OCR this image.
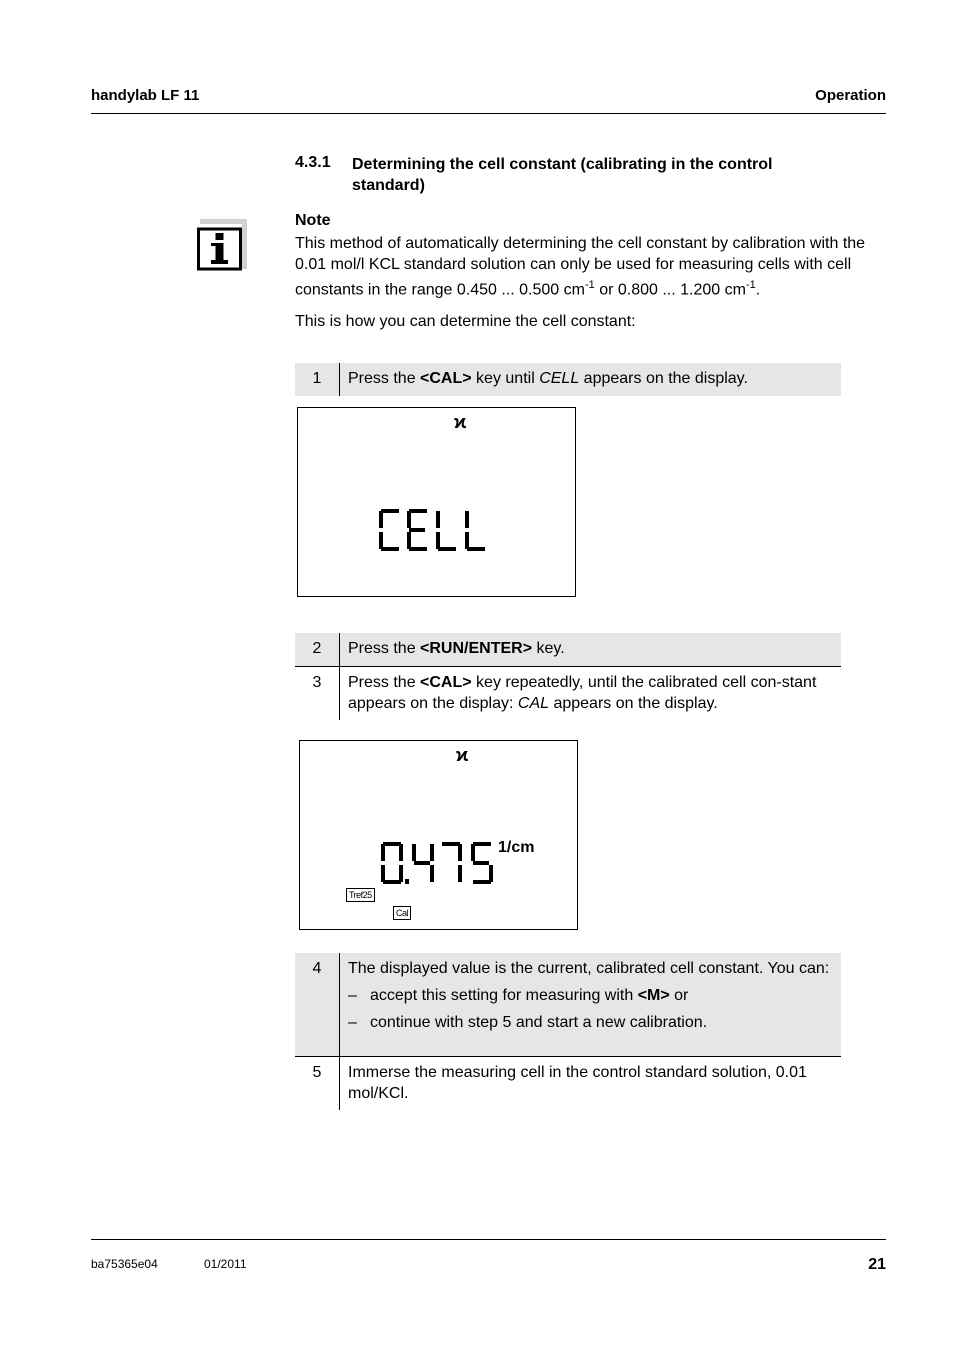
handylab LF 11	Operation
4.3.1 Determining the cell constant (calibrating in the control standard)
Note
This method of automatically determining the cell constant by calibration with the 0.01 mol/l KCL standard solution can only be used for measuring cells with cell constants in the range 0.450 ... 0.500 $cm^{-1}$ or 0.800 ... 1.200 $cm^{-1}$.
This is how you can determine the cell constant:
1	Press the <CAL> key until CELL appears on the display.
ϰ
2	Press the <RUN/ENTER> key.
3	Press the <CAL> key repeatedly, until the calibrated cell con-stant appears on the display: CAL appears on the display.
ϰ
1/cm
Tref25
Cal
4	The displayed value is the current, calibrated cell constant. You can:
– accept this setting for measuring with <M> or
– continue with step 5 and start a new calibration.
5	Immerse the measuring cell in the control standard solution, 0.01 mol/KCl.
ba75365e04	01/2011	21
